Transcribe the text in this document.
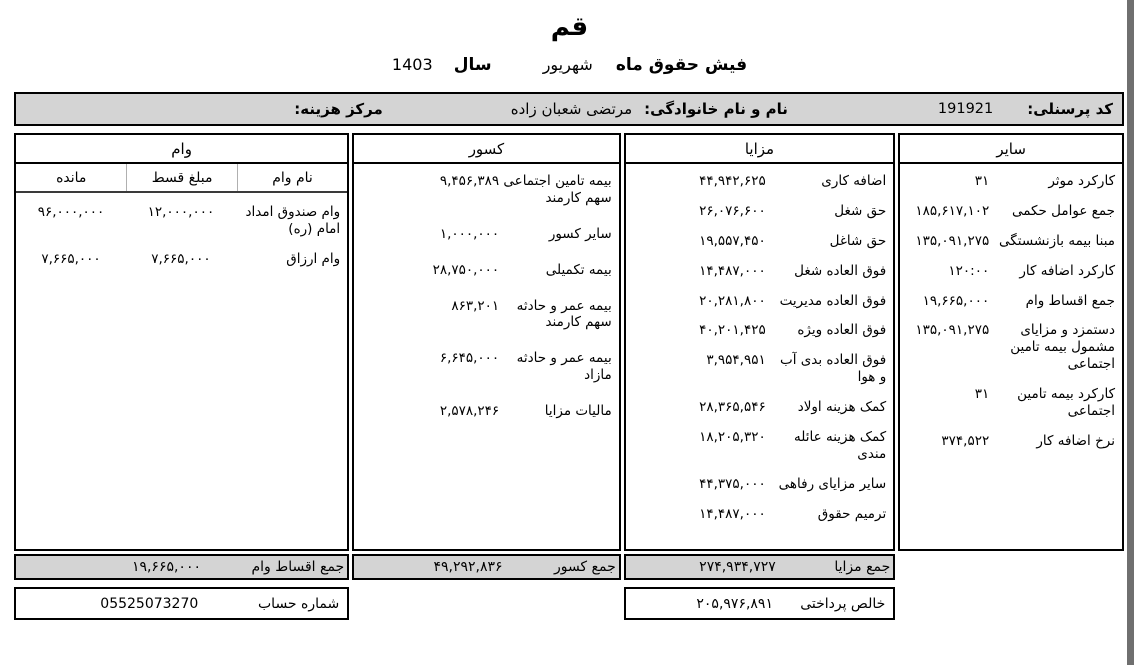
قم
فیش حقوق ماه شهریور سال 1403
کد پرسنلی:
191921
نام و نام خانوادگی:
مرتضی شعبان زاده
مرکز هزینه:
سایر
کارکرد موثر
۳۱
جمع عوامل حکمی
۱۸۵,۶۱۷,۱۰۲
مبنا بیمه بازنشستگی
۱۳۵,۰۹۱,۲۷۵
کارکرد اضافه کار
۱۲۰:۰۰
جمع اقساط وام
۱۹,۶۶۵,۰۰۰
دستمزد و مزایای مشمول بیمه تامین اجتماعی
۱۳۵,۰۹۱,۲۷۵
کارکرد بیمه تامین اجتماعی
۳۱
نرخ اضافه کار
۳۷۴,۵۲۲
مزایا
اضافه کاری
۴۴,۹۴۲,۶۲۵
حق شغل
۲۶,۰۷۶,۶۰۰
حق شاغل
۱۹,۵۵۷,۴۵۰
فوق العاده شغل
۱۴,۴۸۷,۰۰۰
فوق العاده مدیریت
۲۰,۲۸۱,۸۰۰
فوق العاده ویژه
۴۰,۲۰۱,۴۲۵
فوق العاده بدی آب و هوا
۳,۹۵۴,۹۵۱
کمک هزینه اولاد
۲۸,۳۶۵,۵۴۶
کمک هزینه عائله مندی
۱۸,۲۰۵,۳۲۰
سایر مزایای رفاهی
۴۴,۳۷۵,۰۰۰
ترمیم حقوق
۱۴,۴۸۷,۰۰۰
کسور
بیمه تامین اجتماعی سهم کارمند
۹,۴۵۶,۳۸۹
سایر کسور
۱,۰۰۰,۰۰۰
بیمه تکمیلی
۲۸,۷۵۰,۰۰۰
بیمه عمر و حادثه سهم کارمند
۸۶۳,۲۰۱
بیمه عمر و حادثه مازاد
۶,۶۴۵,۰۰۰
مالیات مزایا
۲,۵۷۸,۲۴۶
وام
نام وام
مبلغ قسط
مانده
وام صندوق امداد امام (ره)
۱۲,۰۰۰,۰۰۰
۹۶,۰۰۰,۰۰۰
وام ارزاق
۷,۶۶۵,۰۰۰
۷,۶۶۵,۰۰۰
جمع مزایا
۲۷۴,۹۳۴,۷۲۷
جمع کسور
۴۹,۲۹۲,۸۳۶
جمع اقساط وام
۱۹,۶۶۵,۰۰۰
خالص پرداختی
۲۰۵,۹۷۶,۸۹۱
شماره حساب
05525073270
